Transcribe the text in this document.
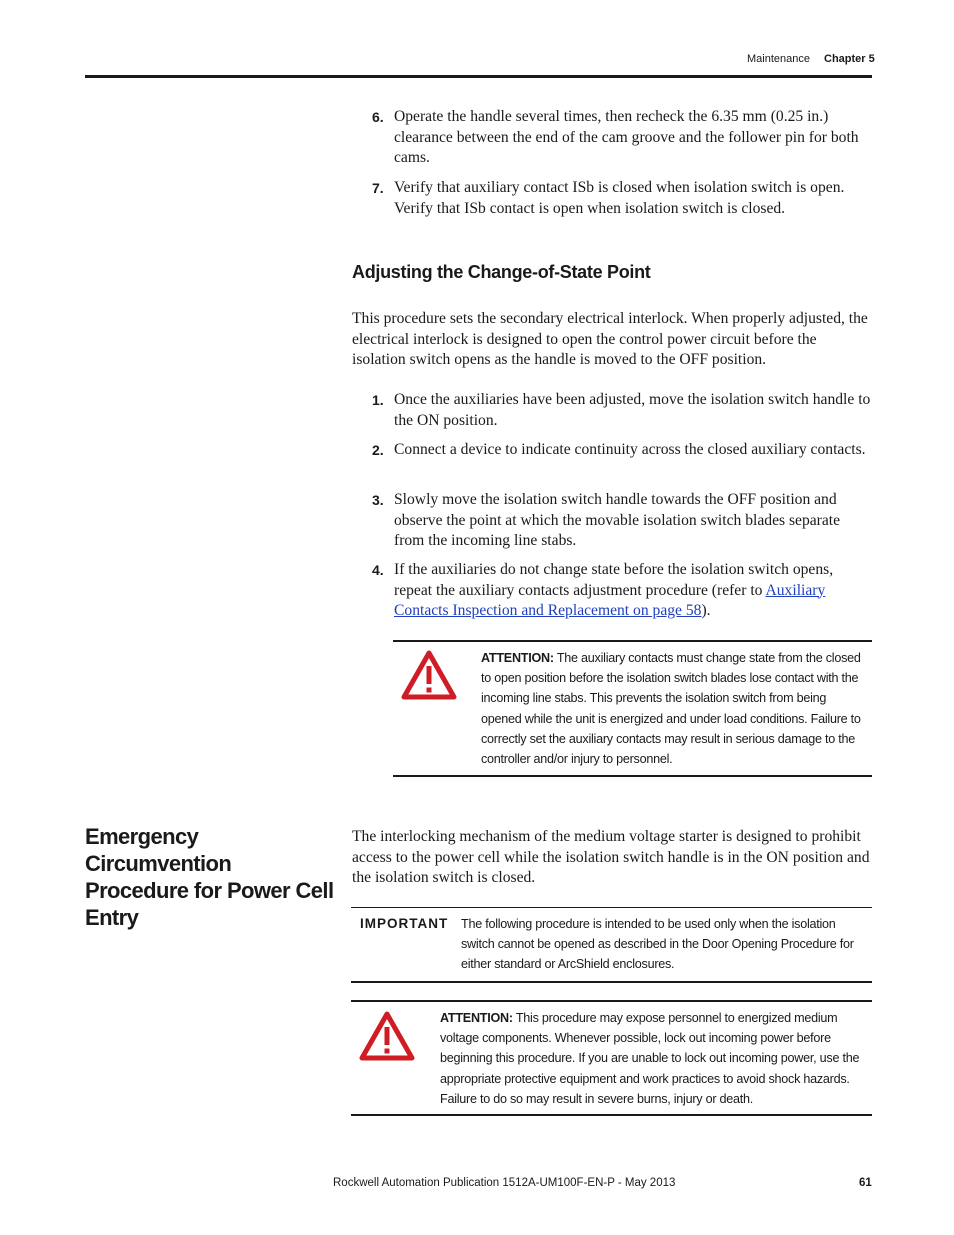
Maintenance Chapter 5
6. Operate the handle several times, then recheck the 6.35 mm (0.25 in.) clearance between the end of the cam groove and the follower pin for both cams.
7. Verify that auxiliary contact ISb is closed when isolation switch is open. Verify that ISb contact is open when isolation switch is closed.
Adjusting the Change-of-State Point
This procedure sets the secondary electrical interlock. When properly adjusted, the electrical interlock is designed to open the control power circuit before the isolation switch opens as the handle is moved to the OFF position.
1. Once the auxiliaries have been adjusted, move the isolation switch handle to the ON position.
2. Connect a device to indicate continuity across the closed auxiliary contacts.
3. Slowly move the isolation switch handle towards the OFF position and observe the point at which the movable isolation switch blades separate from the incoming line stabs.
4. If the auxiliaries do not change state before the isolation switch opens, repeat the auxiliary contacts adjustment procedure (refer to Auxiliary Contacts Inspection and Replacement on page 58).
ATTENTION: The auxiliary contacts must change state from the closed to open position before the isolation switch blades lose contact with the incoming line stabs. This prevents the isolation switch from being opened while the unit is energized and under load conditions. Failure to correctly set the auxiliary contacts may result in serious damage to the controller and/or injury to personnel.
Emergency Circumvention Procedure for Power Cell Entry
The interlocking mechanism of the medium voltage starter is designed to prohibit access to the power cell while the isolation switch handle is in the ON position and the isolation switch is closed.
IMPORTANT The following procedure is intended to be used only when the isolation switch cannot be opened as described in the Door Opening Procedure for either standard or ArcShield enclosures.
ATTENTION: This procedure may expose personnel to energized medium voltage components. Whenever possible, lock out incoming power before beginning this procedure. If you are unable to lock out incoming power, use the appropriate protective equipment and work practices to avoid shock hazards. Failure to do so may result in severe burns, injury or death.
Rockwell Automation Publication 1512A-UM100F-EN-P - May 2013	61
